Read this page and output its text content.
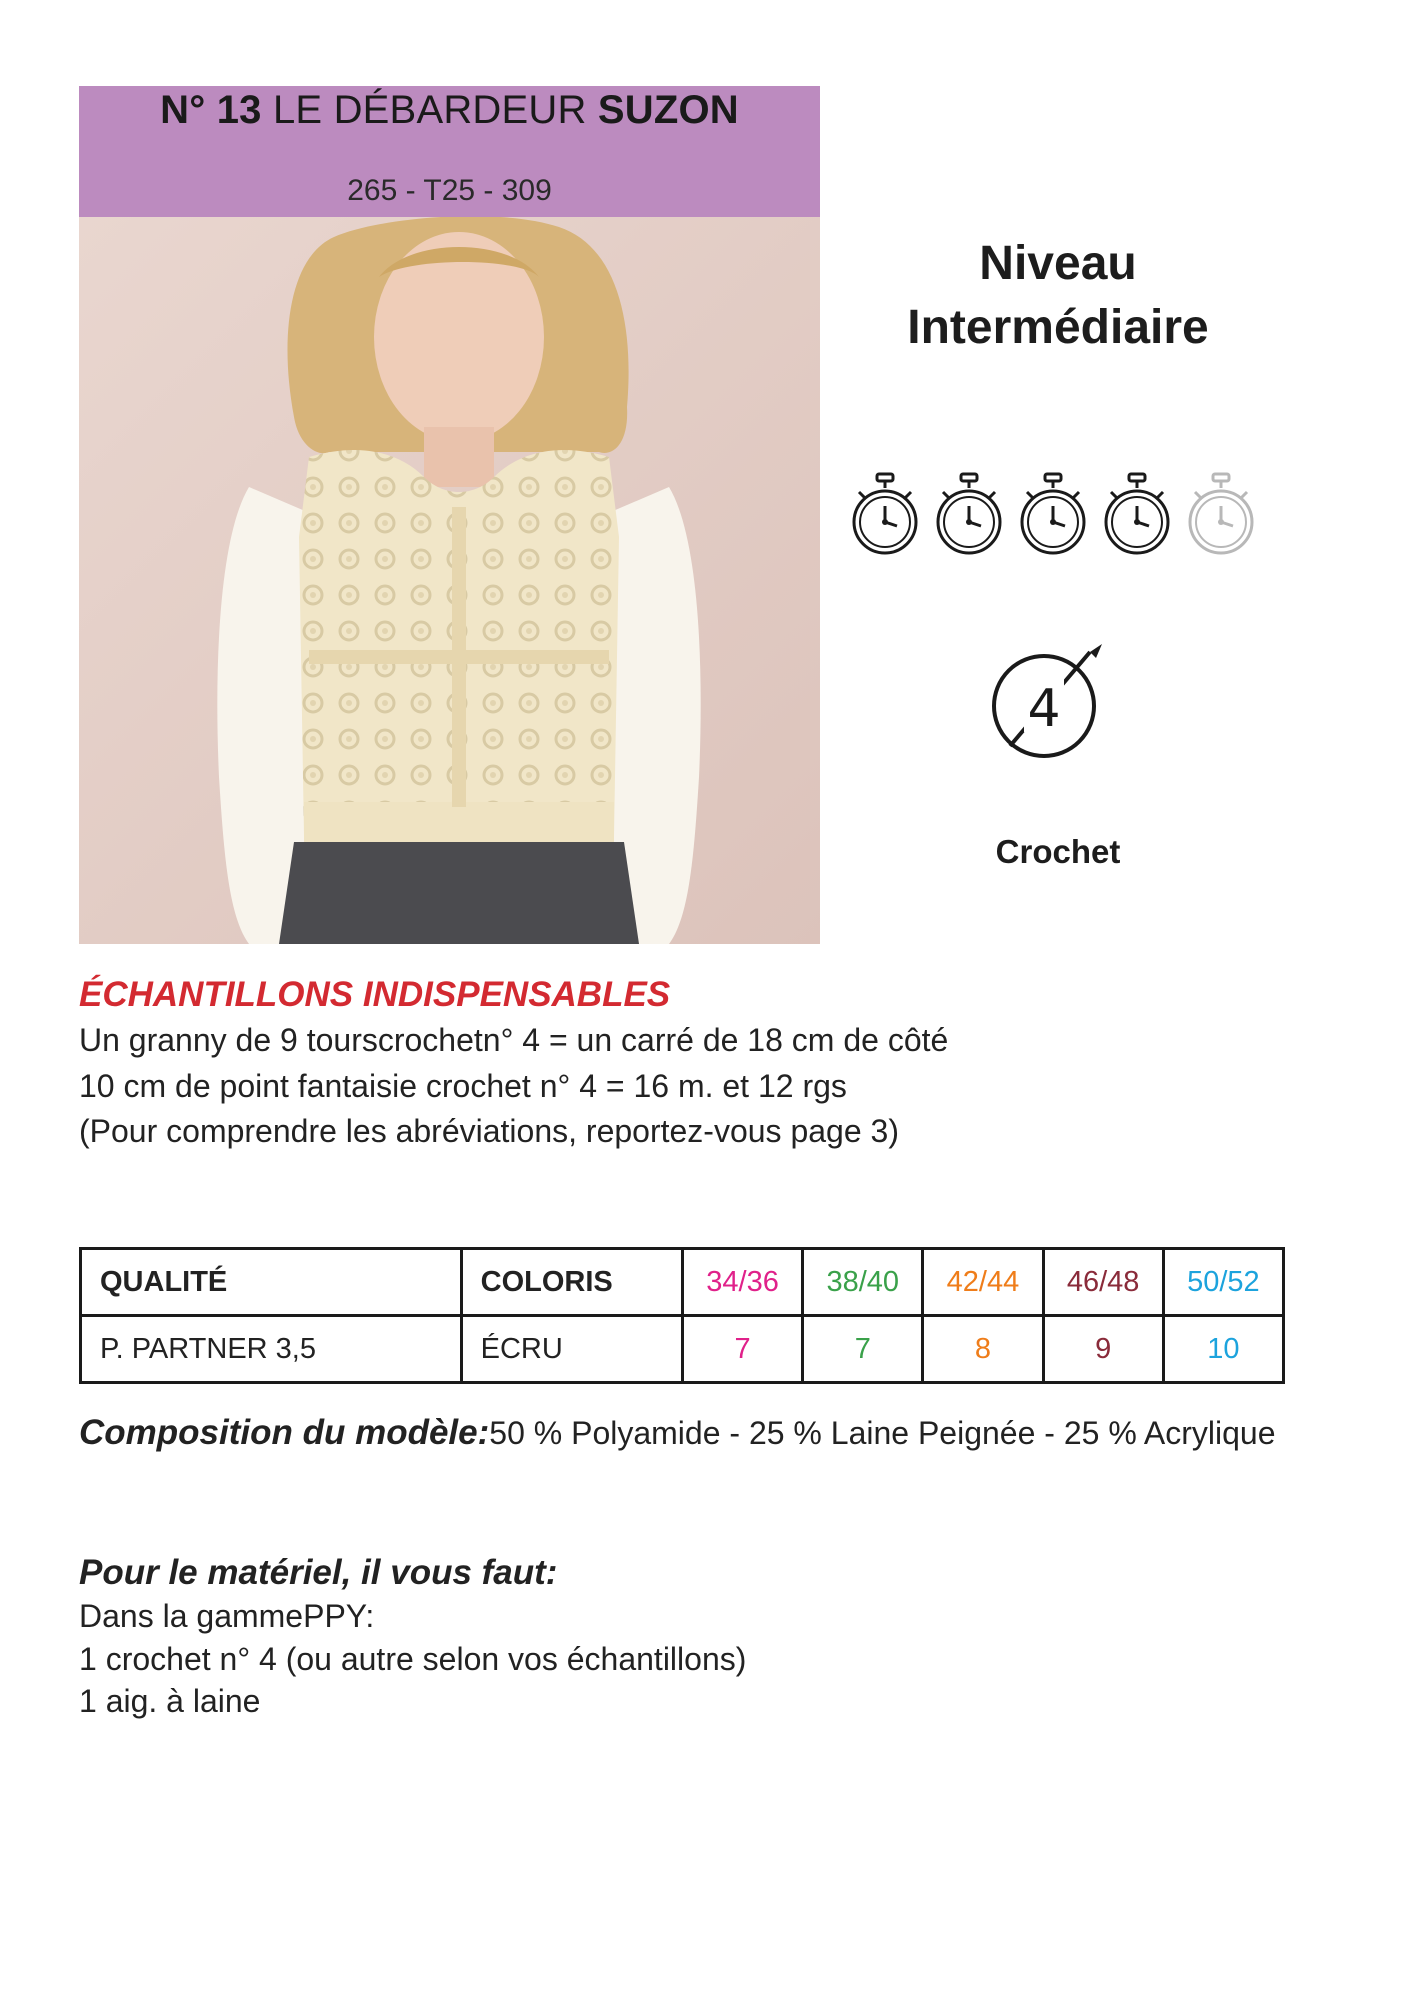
N° 13 LE DÉBARDEUR SUZON
265 - T25 - 309
Niveau
Intermédiaire
4
Crochet
ÉCHANTILLONS INDISPENSABLES
Un granny de 9 tourscrochetn° 4 = un carré de 18 cm de côté
10 cm de point fantaisie crochet n° 4 = 16 m. et 12 rgs
(Pour comprendre les abréviations, reportez-vous page 3)
QUALITÉ	COLORIS	34/36	38/40	42/44	46/48	50/52
P. PARTNER 3,5	ÉCRU	7	7	8	9	10
Composition du modèle:50 % Polyamide - 25 % Laine Peignée - 25 % Acrylique
Pour le matériel, il vous faut:
Dans la gammePPY:
1 crochet n° 4 (ou autre selon vos échantillons)
1 aig. à laine
